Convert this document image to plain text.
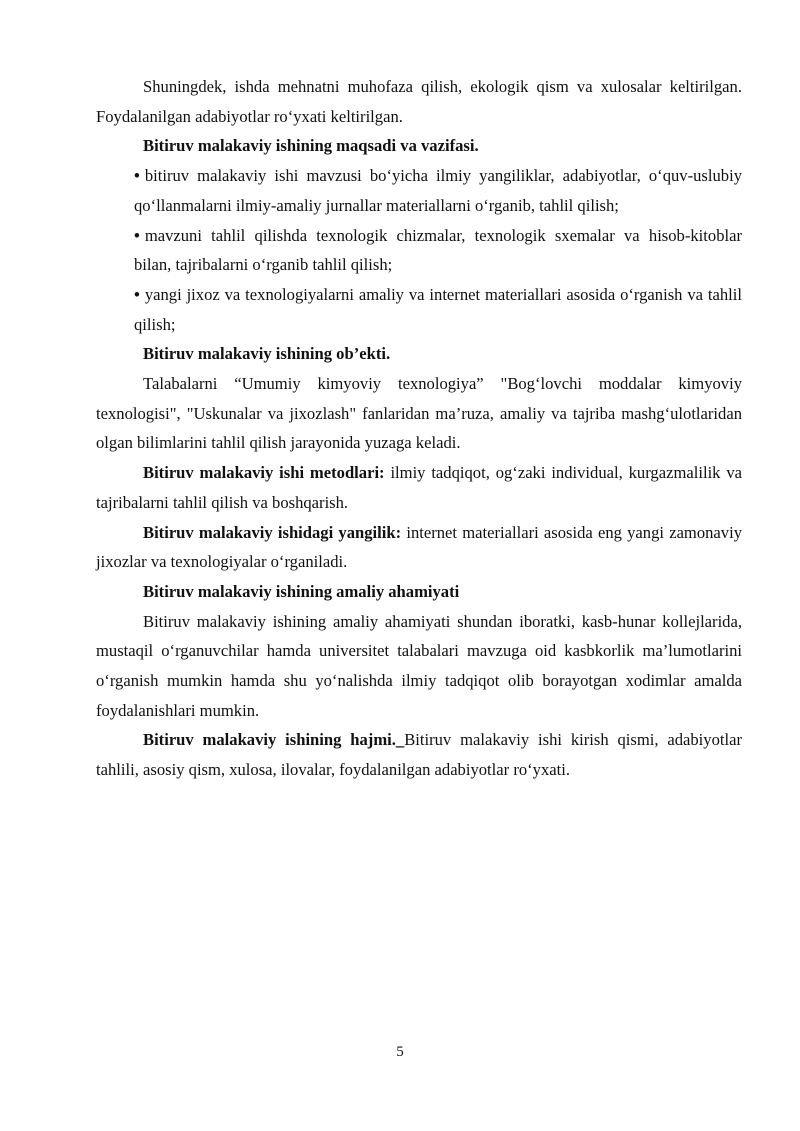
Shuningdek, ishda mehnatni muhofaza qilish, ekologik qism va xulosalar keltirilgan. Foydalanilgan adabiyotlar ro‘yxati keltirilgan.

Bitiruv malakaviy ishining maqsadi va vazifasi.

• bitiruv malakaviy ishi mavzusi bo‘yicha ilmiy yangiliklar, adabiyotlar, o‘quv-uslubiy qo‘llanmalarni ilmiy-amaliy jurnallar materiallarni o‘rganib, tahlil qilish;

• mavzuni tahlil qilishda texnologik chizmalar, texnologik sxemalar va hisob-kitoblar bilan, tajribalarni o‘rganib tahlil qilish;

• yangi jixoz va texnologiyalarni amaliy va internet materiallari asosida o‘rganish va tahlil qilish;

Bitiruv malakaviy ishining ob’ekti.

Talabalarni “Umumiy kimyoviy texnologiya” "Bog‘lovchi moddalar kimyoviy texnologisi", "Uskunalar va jixozlash" fanlaridan ma’ruza, amaliy va tajriba mashg‘ulotlaridan olgan bilimlarini tahlil qilish jarayonida yuzaga keladi.

Bitiruv malakaviy ishi metodlari: ilmiy tadqiqot, og‘zaki individual, kurgazmalilik va tajribalarni tahlil qilish va boshqarish.

Bitiruv malakaviy ishidagi yangilik: internet materiallari asosida eng yangi zamonaviy jixozlar va texnologiyalar o‘rganiladi.

Bitiruv malakaviy ishining amaliy ahamiyati

Bitiruv malakaviy ishining amaliy ahamiyati shundan iboratki, kasb-hunar kollejlarida, mustaqil o‘rganuvchilar hamda universitet talabalari mavzuga oid kasbkorlik ma’lumotlarini o‘rganish mumkin hamda shu yo‘nalishda ilmiy tadqiqot olib borayotgan xodimlar amalda foydalanishlari mumkin.

Bitiruv malakaviy ishining hajmi._Bitiruv malakaviy ishi kirish qismi, adabiyotlar tahlili, asosiy qism, xulosa, ilovalar, foydalanilgan adabiyotlar ro‘yxati.

5
